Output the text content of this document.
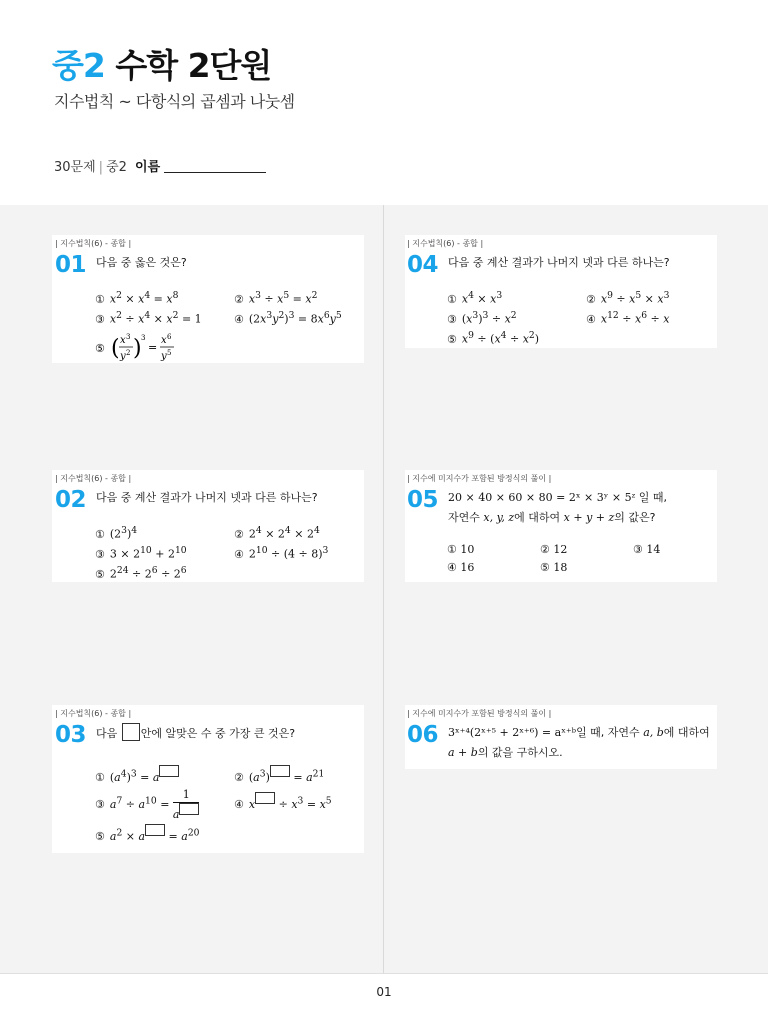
중2 수학 2단원
지수법칙 ~ 다항식의 곱셈과 나눗셈
30문제 | 중2 이름
| 지수법칙(6) - 종합 |
01 다음 중 옳은 것은?
① $x^2 \times x^4 = x^8$	② $x^3 \div x^5 = x^2$
③ $x^2 \div x^4 \times x^2 = 1$	④ $(2x^3y^2)^3 = 8x^6y^5$
⑤ ( x 3
y 2 ) 3
=
x 6
y 5
| 지수법칙(6) - 종합 |
02 다음 중 계산 결과가 나머지 넷과 다른 하나는?
① $(2^3)^4$	② $2^4 \times 2^4 \times 2^4$
③ $3 \times 2^{10} + 2^{10}$	④ $2^{10} \div (4 \div 8)^3$
⑤ $2^{24} \div 2^6 \div 2^6$
| 지수법칙(6) - 종합 |
03 다음 안에 알맞은 수 중 가장 큰 것은?
① $(a^4)^3 = a$	② $(a^3) = a^{21}$
③ $a^7 \div a^{10} = \frac{1}{a}$	④ $x \div x^3 = x^5$
⑤ $a^2 \times a = a^{20}$
| 지수법칙(6) - 종합 |
04 다음 중 계산 결과가 나머지 넷과 다른 하나는?
① $x^4 \times x^3$	② $x^9 \div x^5 \times x^3$
③ $(x^3)^3 \div x^2$	④ $x^{12} \div x^6 \div x$
⑤ $x^9 \div (x^4 \div x^2)$
| 지수에 미지수가 포함된 방정식의 풀이 |
05 20 × 40 × 60 × 80 = 2ˣ × 3ʸ × 5ᶻ 일 때,
자연수 x, y, z에 대하여 x + y + z의 값은?
① 10	② 12	③ 14
④ 16	⑤ 18
| 지수에 미지수가 포함된 방정식의 풀이 |
06 3ˣ⁺⁴(2ˣ⁺⁵ + 2ˣ⁺⁶) = aˣ⁺ᵇ일 때, 자연수 a, b에 대하여
a + b의 값을 구하시오.
01
